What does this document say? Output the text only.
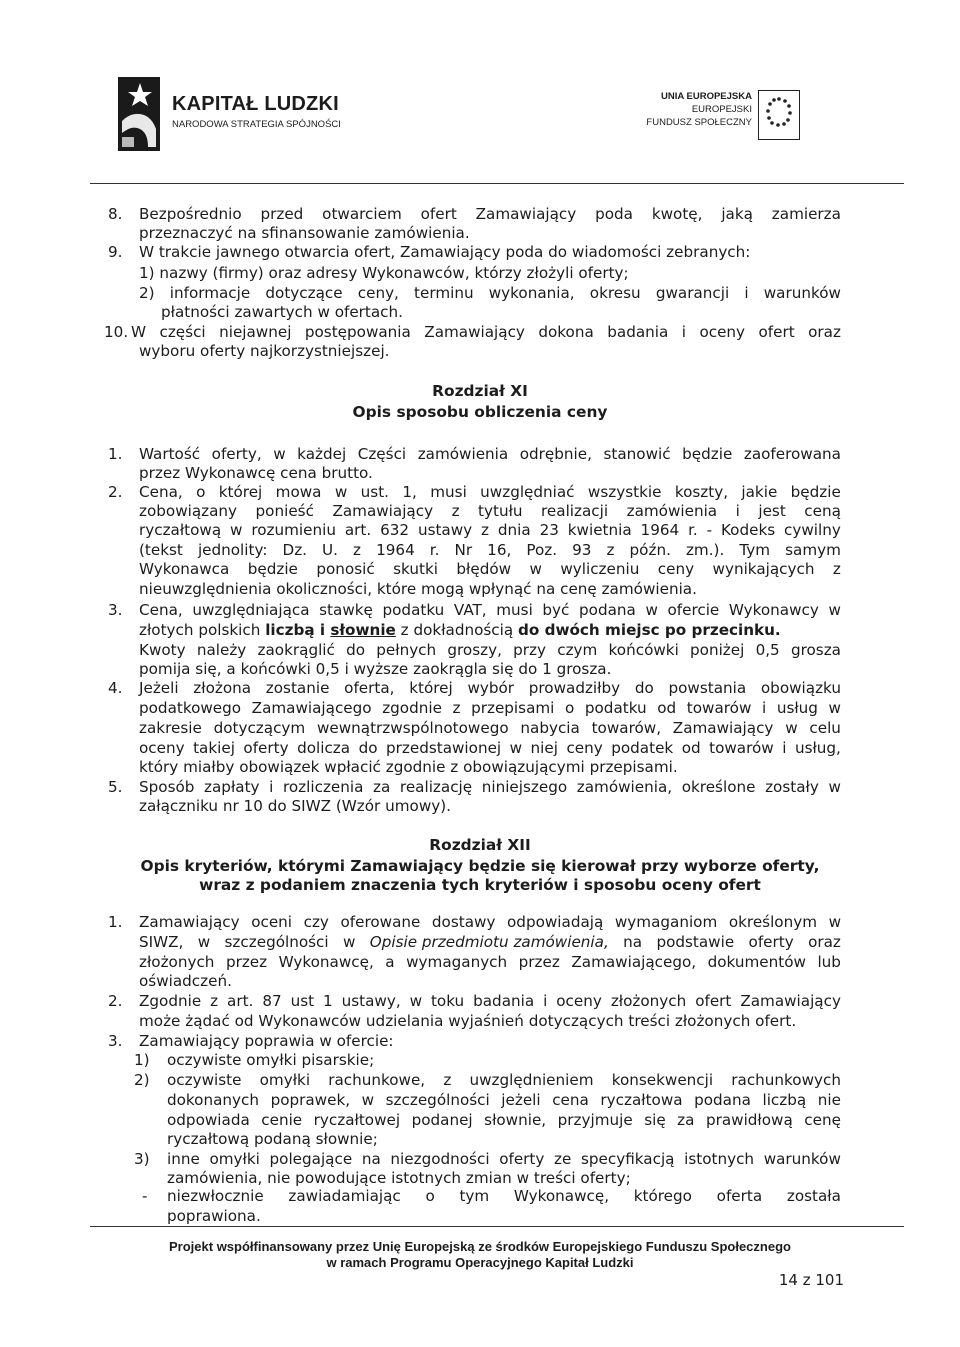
KAPITAŁ LUDZKI
NARODOWA STRATEGIA SPÓJNOŚCI
UNIA EUROPEJSKA
EUROPEJSKI
FUNDUSZ SPOŁECZNY
8. Bezpośrednio przed otwarciem ofert Zamawiający poda kwotę, jaką zamierza
przeznaczyć na sfinansowanie zamówienia.
9. W trakcie jawnego otwarcia ofert, Zamawiający poda do wiadomości zebranych:
1) nazwy (firmy) oraz adresy Wykonawców, którzy złożyli oferty;
2) informacje dotyczące ceny, terminu wykonania, okresu gwarancji i warunków
płatności zawartych w ofertach.
10. W części niejawnej postępowania Zamawiający dokona badania i oceny ofert oraz
wyboru oferty najkorzystniejszej.
Rozdział XI
Opis sposobu obliczenia ceny
1. Wartość oferty, w każdej Części zamówienia odrębnie, stanowić będzie zaoferowana
przez Wykonawcę cena brutto.
2. Cena, o której mowa w ust. 1, musi uwzględniać wszystkie koszty, jakie będzie
zobowiązany ponieść Zamawiający z tytułu realizacji zamówienia i jest ceną
ryczałtową w rozumieniu art. 632 ustawy z dnia 23 kwietnia 1964 r. - Kodeks cywilny
(tekst jednolity: Dz. U. z 1964 r. Nr 16, Poz. 93 z późn. zm.). Tym samym
Wykonawca będzie ponosić skutki błędów w wyliczeniu ceny wynikających z
nieuwzględnienia okoliczności, które mogą wpłynąć na cenę zamówienia.
3. Cena, uwzględniająca stawkę podatku VAT, musi być podana w ofercie Wykonawcy w
złotych polskich liczbą i słownie z dokładnością do dwóch miejsc po przecinku.
Kwoty należy zaokrąglić do pełnych groszy, przy czym końcówki poniżej 0,5 grosza
pomija się, a końcówki 0,5 i wyższe zaokrągla się do 1 grosza.
4. Jeżeli złożona zostanie oferta, której wybór prowadziłby do powstania obowiązku
podatkowego Zamawiającego zgodnie z przepisami o podatku od towarów i usług w
zakresie dotyczącym wewnątrzwspólnotowego nabycia towarów, Zamawiający w celu
oceny takiej oferty dolicza do przedstawionej w niej ceny podatek od towarów i usług,
który miałby obowiązek wpłacić zgodnie z obowiązującymi przepisami.
5. Sposób zapłaty i rozliczenia za realizację niniejszego zamówienia, określone zostały w
załączniku nr 10 do SIWZ (Wzór umowy).
Rozdział XII
Opis kryteriów, którymi Zamawiający będzie się kierował przy wyborze oferty,
wraz z podaniem znaczenia tych kryteriów i sposobu oceny ofert
1. Zamawiający oceni czy oferowane dostawy odpowiadają wymaganiom określonym w
SIWZ, w szczególności w Opisie przedmiotu zamówienia, na podstawie oferty oraz
złożonych przez Wykonawcę, a wymaganych przez Zamawiającego, dokumentów lub
oświadczeń.
2. Zgodnie z art. 87 ust 1 ustawy, w toku badania i oceny złożonych ofert Zamawiający
może żądać od Wykonawców udzielania wyjaśnień dotyczących treści złożonych ofert.
3. Zamawiający poprawia w ofercie:
1) oczywiste omyłki pisarskie;
2) oczywiste omyłki rachunkowe, z uwzględnieniem konsekwencji rachunkowych
dokonanych poprawek, w szczególności jeżeli cena ryczałtowa podana liczbą nie
odpowiada cenie ryczałtowej podanej słownie, przyjmuje się za prawidłową cenę
ryczałtową podaną słownie;
3) inne omyłki polegające na niezgodności oferty ze specyfikacją istotnych warunków
zamówienia, nie powodujące istotnych zmian w treści oferty;
- niezwłocznie zawiadamiając o tym Wykonawcę, którego oferta została
poprawiona.
Projekt współfinansowany przez Unię Europejską ze środków Europejskiego Funduszu Społecznego
w ramach Programu Operacyjnego Kapitał Ludzki
14 z 101
